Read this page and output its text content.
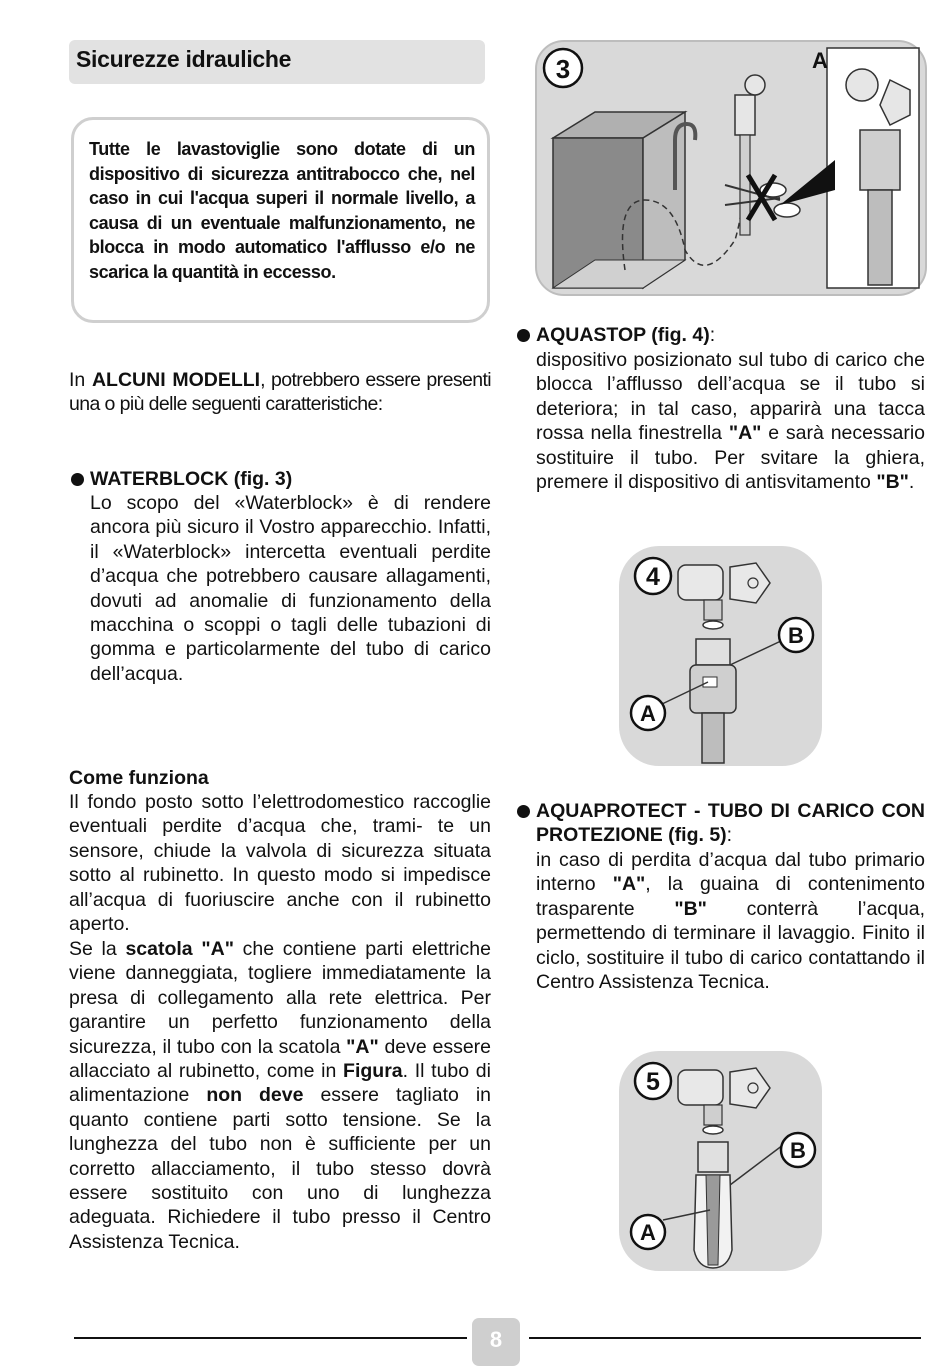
Sicurezze idrauliche
Tutte le lavastoviglie sono dotate di un dispositivo di sicurezza antitrabocco che, nel caso in cui l'acqua superi il normale livello, a causa di un eventuale malfunzionamento, ne blocca in modo automatico l'afflusso e/o ne scarica la quantità in eccesso.
In ALCUNI MODELLI, potrebbero essere presenti una o più delle seguenti caratteristiche:
WATERBLOCK (fig. 3)
Lo scopo del «Waterblock» è di rendere ancora più sicuro il Vostro apparecchio. Infatti, il «Waterblock» intercetta eventuali perdite d’acqua che potrebbero causare allagamenti, dovuti ad anomalie di funzionamento della macchina o scoppi o tagli delle tubazioni di gomma e particolarmente del tubo di carico dell’acqua.
Come funziona
Il fondo posto sotto l’elettrodomestico raccoglie eventuali perdite d’acqua che, trami- te un sensore, chiude la valvola di sicurezza situata sotto al rubinetto. In questo modo si impedisce all’acqua di fuoriuscire anche con il rubinetto aperto.
Se la scatola "A" che contiene parti elettriche viene danneggiata, togliere immediatamente la presa di collegamento alla rete elettrica. Per garantire un perfetto funzionamento della sicurezza, il tubo con la scatola "A" deve essere allacciato al rubinetto, come in Figura. Il tubo di alimentazione non deve essere tagliato in quanto contiene parti sotto tensione. Se la lunghezza del tubo non è sufficiente per un corretto allacciamento, il tubo stesso dovrà essere sostituito con uno di lunghezza adeguata. Richiedere il tubo presso il Centro Assistenza Tecnica.
3	A
AQUASTOP (fig. 4):
dispositivo posizionato sul tubo di carico che blocca l’afflusso dell’acqua se il tubo si deteriora; in tal caso, apparirà una tacca rossa nella finestrella "A" e sarà necessario sostituire il tubo. Per svitare la ghiera, premere il dispositivo di antisvitamento "B".
4
B
A
AQUAPROTECT - TUBO DI CARICO CON PROTEZIONE (fig. 5):
in caso di perdita d’acqua dal tubo primario interno "A", la guaina di contenimento trasparente "B" conterrà l’acqua, permettendo di terminare il lavaggio. Finito il ciclo, sostituire il tubo di carico contattando il Centro Assistenza Tecnica.
5
B
A
8
